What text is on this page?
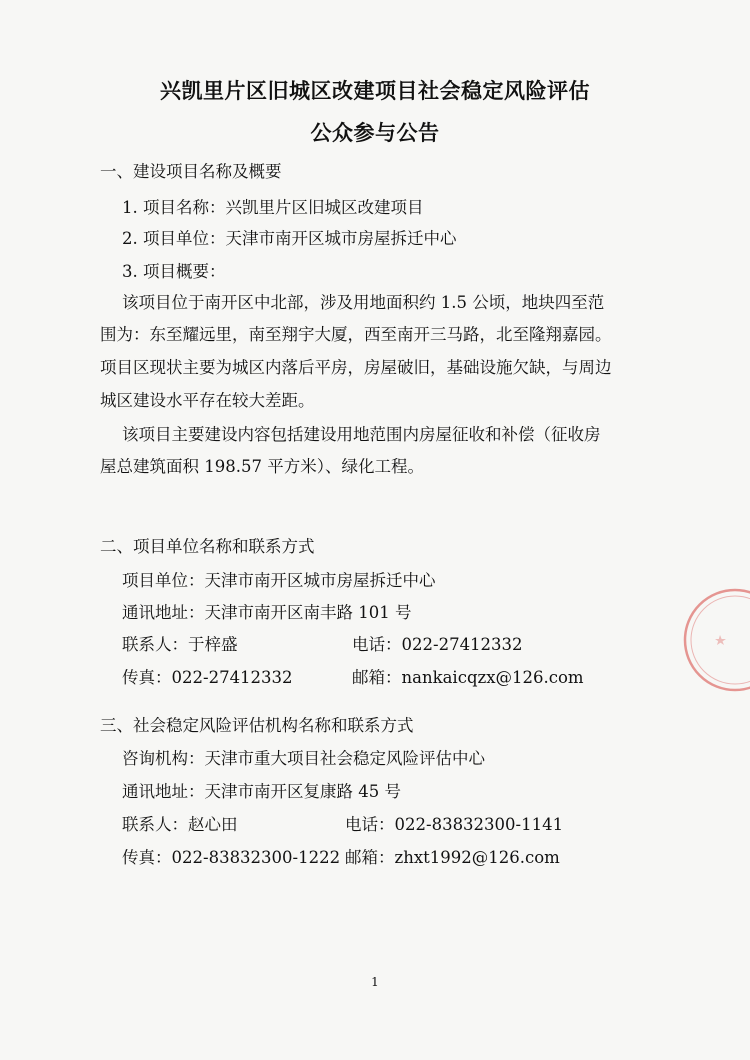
兴凯里片区旧城区改建项目社会稳定风险评估
公众参与公告
一、建设项目名称及概要
1. 项目名称：兴凯里片区旧城区改建项目
2. 项目单位：天津市南开区城市房屋拆迁中心
3. 项目概要：
该项目位于南开区中北部，涉及用地面积约 1.5 公顷，地块四至范
围为：东至耀远里，南至翔宇大厦，西至南开三马路，北至隆翔嘉园。
项目区现状主要为城区内落后平房，房屋破旧，基础设施欠缺，与周边
城区建设水平存在较大差距。
该项目主要建设内容包括建设用地范围内房屋征收和补偿（征收房
屋总建筑面积 198.57 平方米）、绿化工程。
二、项目单位名称和联系方式
项目单位：天津市南开区城市房屋拆迁中心
通讯地址：天津市南开区南丰路 101 号
联系人：于梓盛	电话：022-27412332
传真：022-27412332	邮箱：nankaicqzx@126.com
三、社会稳定风险评估机构名称和联系方式
咨询机构：天津市重大项目社会稳定风险评估中心
通讯地址：天津市南开区复康路 45 号
联系人：赵心田	电话：022-83832300-1141
传真：022-83832300-1222 邮箱：zhxt1992@126.com
1
